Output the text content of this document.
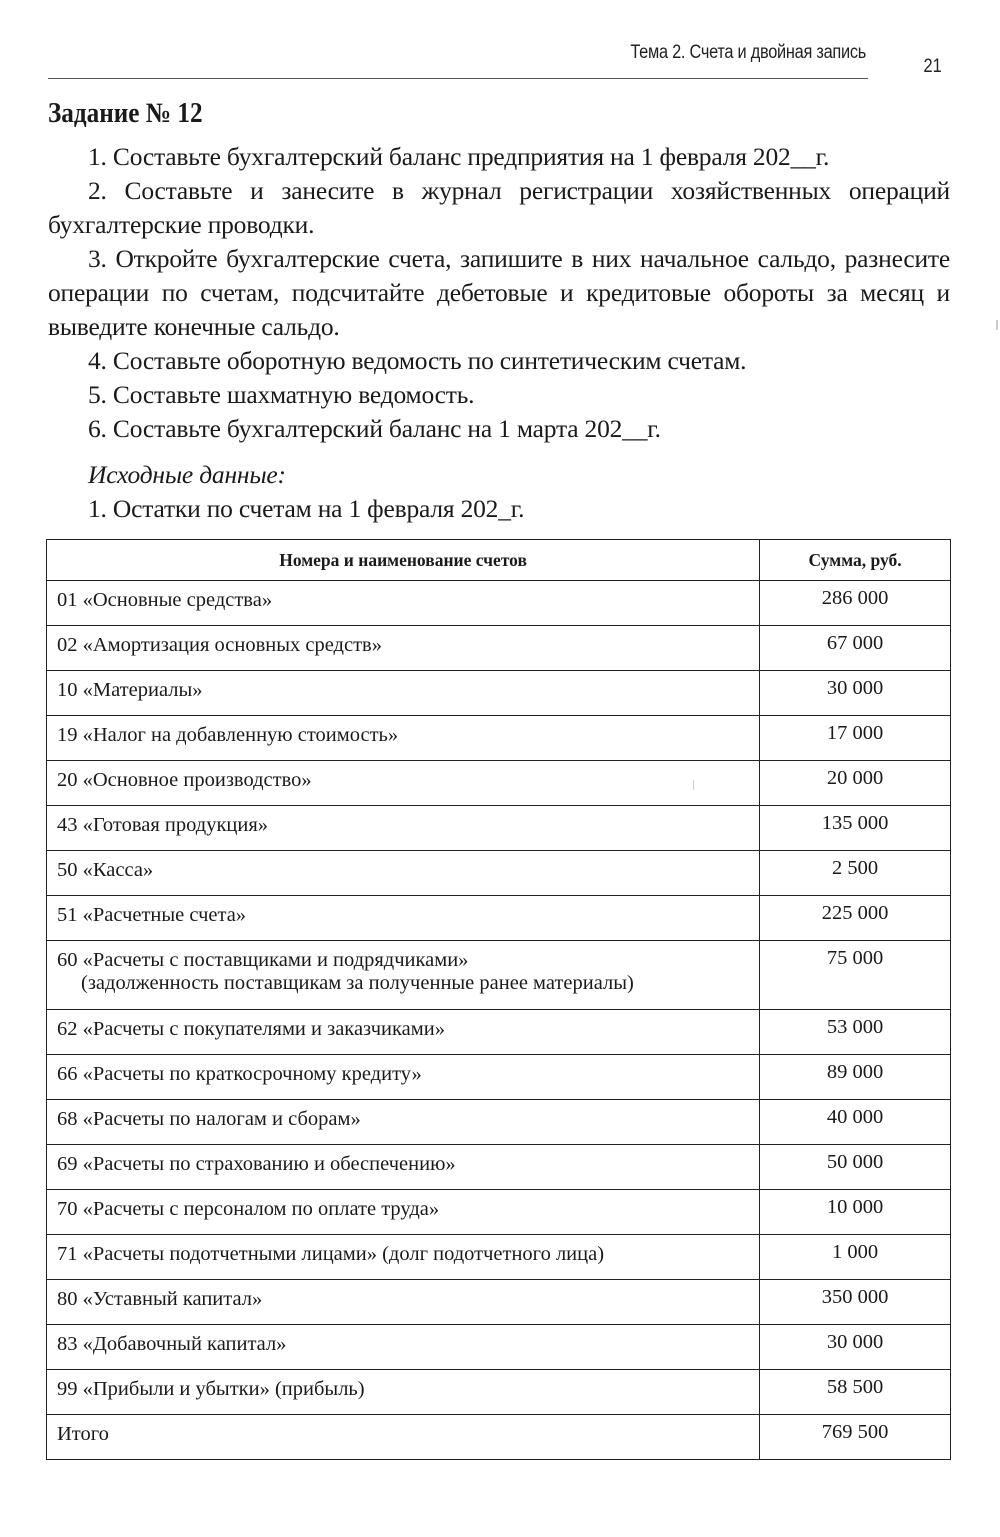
Тема 2. Счета и двойная запись
21
Задание № 12

1. Составьте бухгалтерский баланс предприятия на 1 февраля 202__г.

2. Составьте и занесите в журнал регистрации хозяйственных операций бухгалтерские проводки.

3. Откройте бухгалтерские счета, запишите в них начальное сальдо, разнесите операции по счетам, подсчитайте дебетовые и кредитовые обороты за месяц и выведите конечные сальдо.

4. Составьте оборотную ведомость по синтетическим счетам.

5. Составьте шахматную ведомость.

6. Составьте бухгалтерский баланс на 1 марта 202__г.

Исходные данные:

1. Остатки по счетам на 1 февраля 202_г.

Номера и наименование счетов	Сумма, руб.
01 «Основные средства»	286 000
02 «Амортизация основных средств»	67 000
10 «Материалы»	30 000
19 «Налог на добавленную стоимость»	17 000
20 «Основное производство»	20 000
43 «Готовая продукция»	135 000
50 «Касса»	2 500
51 «Расчетные счета»	225 000
60 «Расчеты с поставщиками и подрядчиками»
(задолженность поставщикам за полученные ранее материалы)	75 000
62 «Расчеты с покупателями и заказчиками»	53 000
66 «Расчеты по краткосрочному кредиту»	89 000
68 «Расчеты по налогам и сборам»	40 000
69 «Расчеты по страхованию и обеспечению»	50 000
70 «Расчеты с персоналом по оплате труда»	10 000
71 «Расчеты подотчетными лицами» (долг подотчетного лица)	1 000
80 «Уставный капитал»	350 000
83 «Добавочный капитал»	30 000
99 «Прибыли и убытки» (прибыль)	58 500
Итого	769 500
